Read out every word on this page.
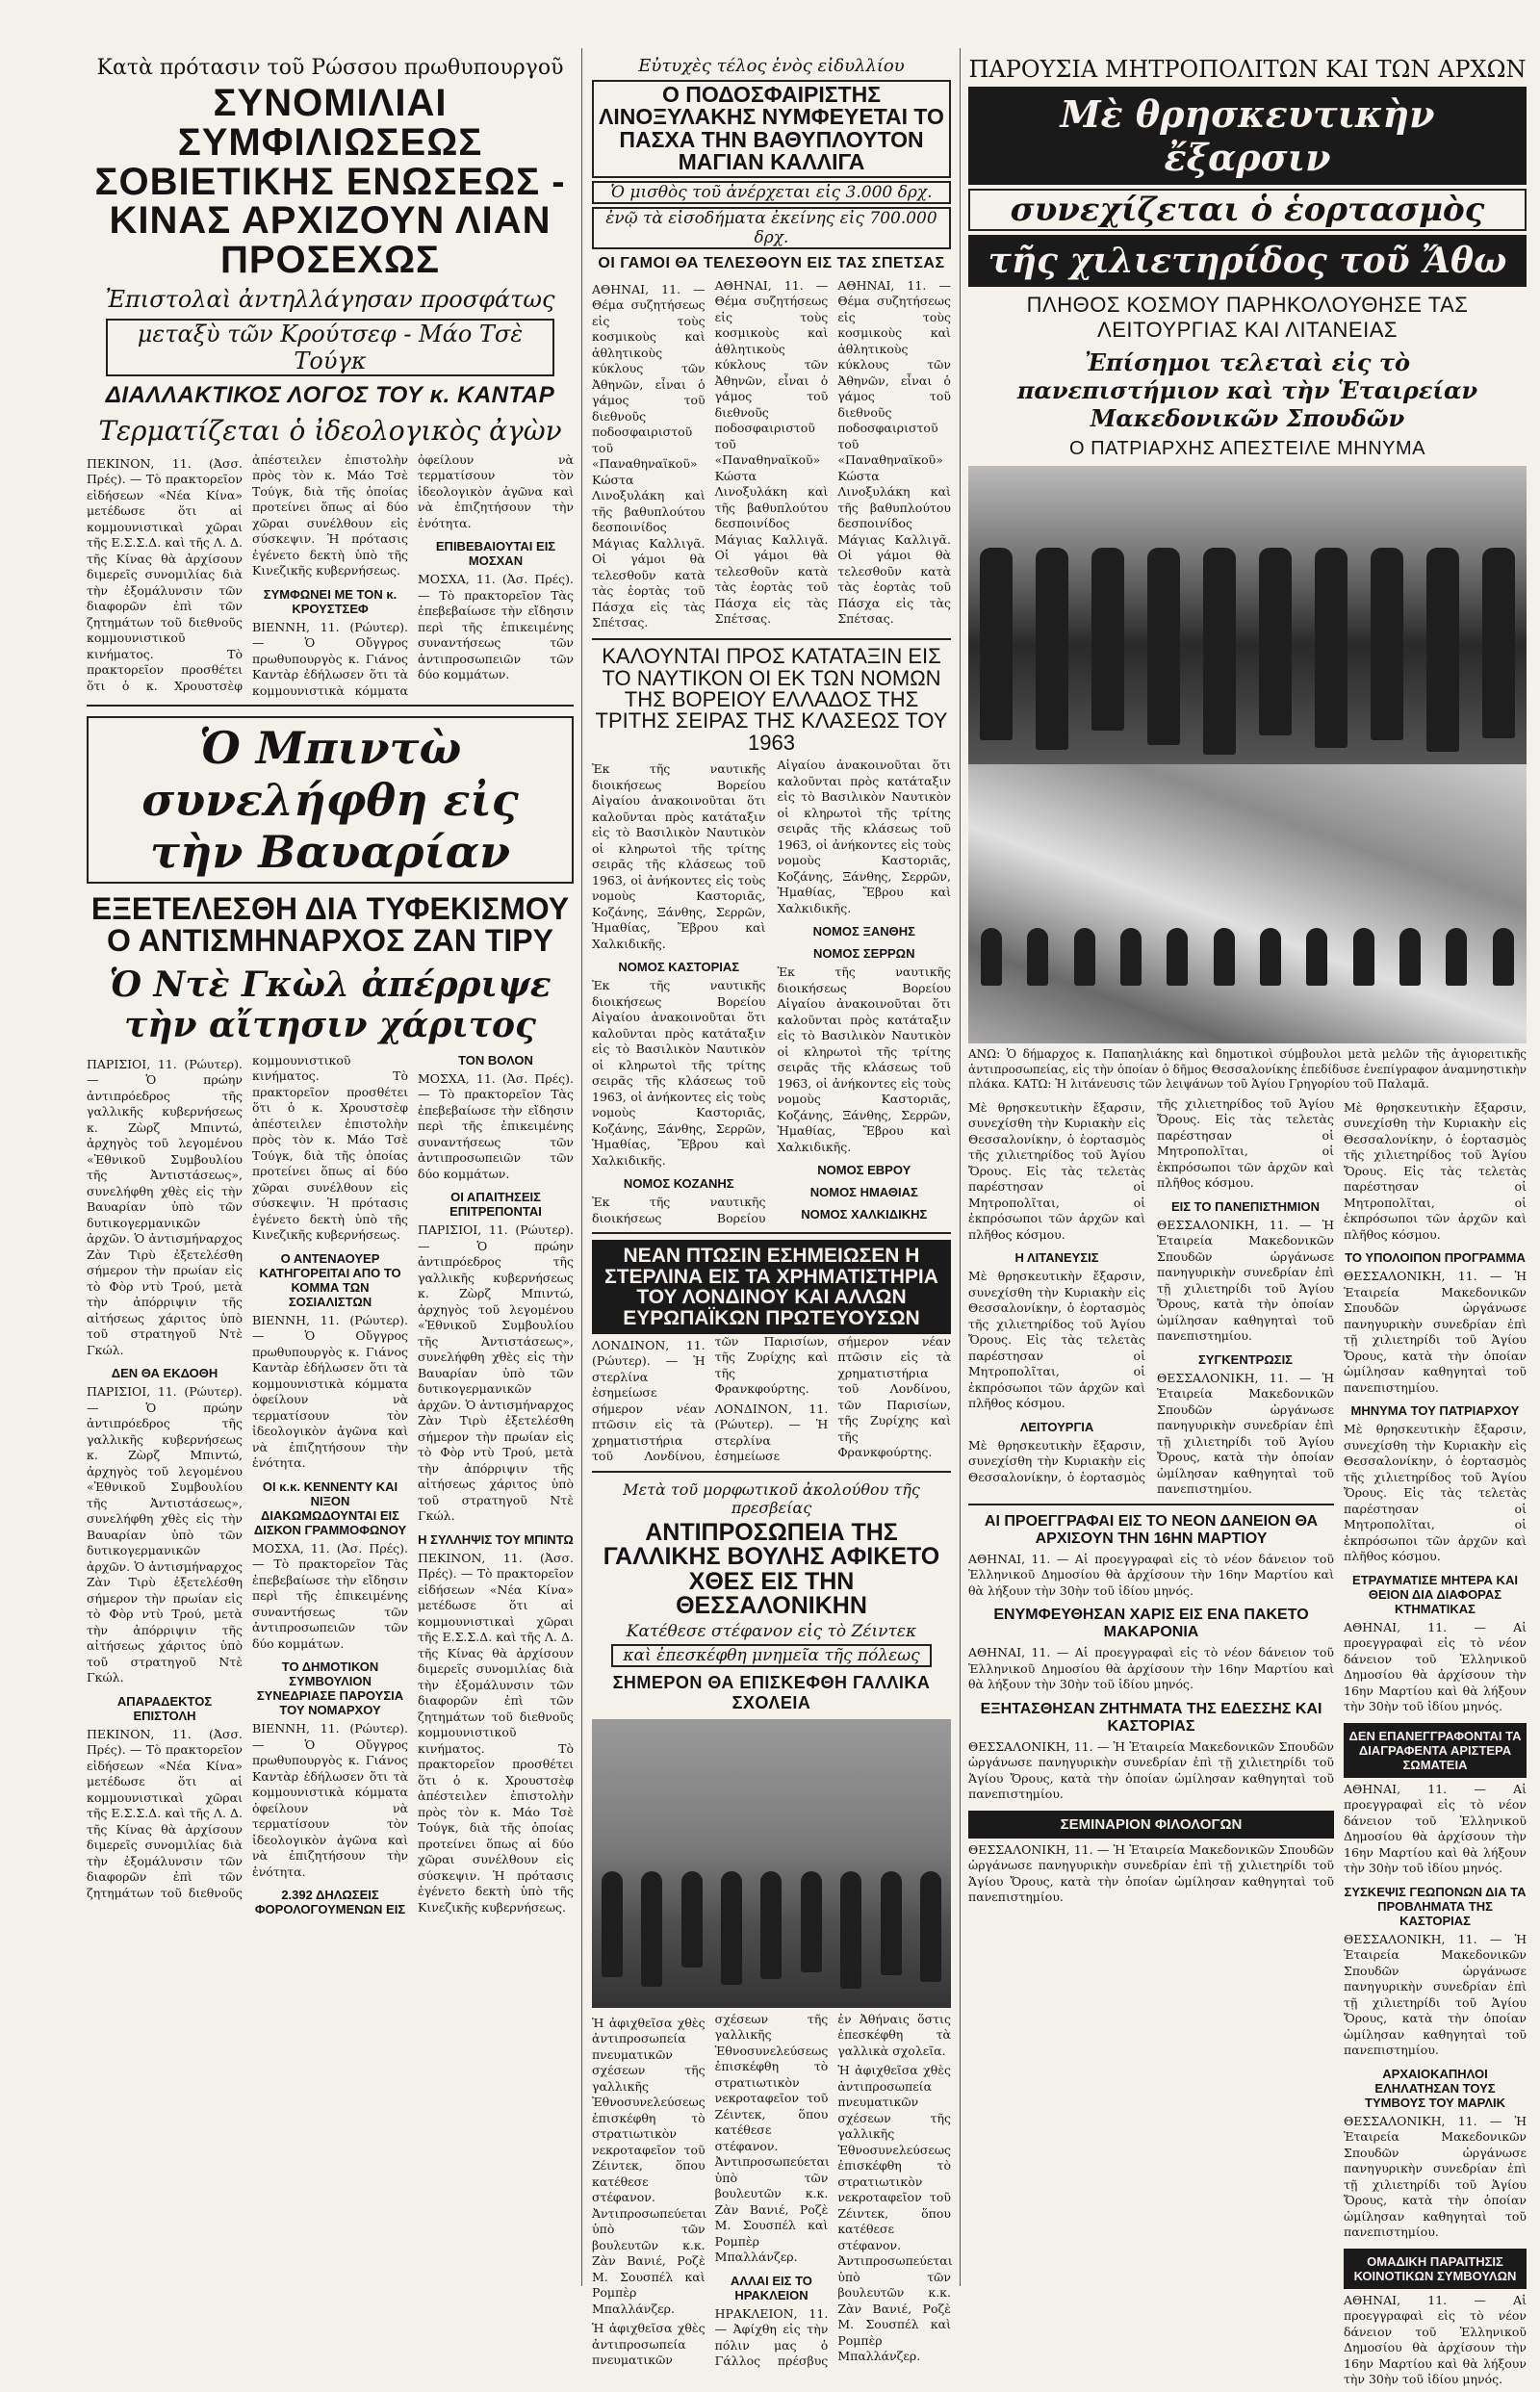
Κατὰ πρότασιν τοῦ Ρώσσου πρωθυπουργοῦ
ΣΥΝΟΜΙΛΙΑΙ ΣΥΜΦΙΛΙΩΣΕΩΣ ΣΟΒΙΕΤΙΚΗΣ ΕΝΩΣΕΩΣ - ΚΙΝΑΣ ΑΡΧΙΖΟΥΝ ΛΙΑΝ ΠΡΟΣΕΧΩΣ
Ἐπιστολαὶ ἀντηλλάγησαν προσφάτως
μεταξὺ τῶν Κρούτσεφ - Μάο Τσὲ Τούγκ
ΔΙΑΛΛΑΚΤΙΚΟΣ ΛΟΓΟΣ ΤΟΥ κ. ΚΑΝΤΑΡ
Τερματίζεται ὁ ἰδεολογικὸς ἀγὼν

ΠΕΚΙΝΟΝ, 11. (Ἀσσ. Πρές). — Τὸ πρακτορεῖον εἰδήσεων «Νέα Κίνα» μετέδωσε ὅτι αἱ κομμουνιστικαὶ χῶραι τῆς Ε.Σ.Σ.Δ. καὶ τῆς Λ. Δ. τῆς Κίνας θὰ ἀρχίσουν διμερεῖς συνομιλίας διὰ τὴν ἐξομάλυνσιν τῶν διαφορῶν ἐπὶ τῶν ζητημάτων τοῦ διεθνοῦς κομμουνιστικοῦ κινήματος. Τὸ πρακτορεῖον προσθέτει ὅτι ὁ κ. Χρουστσὲφ ἀπέστειλεν ἐπιστολὴν πρὸς τὸν κ. Μάο Τσὲ Τούγκ, διὰ τῆς ὁποίας προτείνει ὅπως αἱ δύο χῶραι συνέλθουν εἰς σύσκεψιν. Ἡ πρότασις ἐγένετο δεκτὴ ὑπὸ τῆς Κινεζικῆς κυβερνήσεως.

ΣΥΜΦΩΝΕΙ ΜΕ ΤΟΝ κ. ΚΡΟΥΣΤΣΕΦ

ΒΙΕΝΝΗ, 11. (Ρώυτερ). — Ὁ Οὔγγρος πρωθυπουργὸς κ. Γιάνος Καντὰρ ἐδήλωσεν ὅτι τὰ κομμουνιστικὰ κόμματα ὀφείλουν νὰ τερματίσουν τὸν ἰδεολογικὸν ἀγῶνα καὶ νὰ ἐπιζητήσουν τὴν ἑνότητα.

ΕΠΙΒΕΒΑΙΟΥΤΑΙ ΕΙΣ ΜΟΣΧΑΝ

ΜΟΣΧΑ, 11. (Ἀσ. Πρές). — Τὸ πρακτορεῖον Τὰς ἐπεβεβαίωσε τὴν εἴδησιν περὶ τῆς ἐπικειμένης συναντήσεως τῶν ἀντιπροσωπειῶν τῶν δύο κομμάτων.

Ὁ Μπιντὼ συνελήφθη εἰς τὴν Βαυαρίαν
ΕΞΕΤΕΛΕΣΘΗ ΔΙΑ ΤΥΦΕΚΙΣΜΟΥ Ο ΑΝΤΙΣΜΗΝΑΡΧΟΣ ΖΑΝ ΤΙΡΥ
Ὁ Ντὲ Γκὼλ ἀπέρριψε τὴν αἴτησιν χάριτος

ΠΑΡΙΣΙΟΙ, 11. (Ρώυτερ). — Ὁ πρώην ἀντιπρόεδρος τῆς γαλλικῆς κυβερνήσεως κ. Ζὼρζ Μπιντώ, ἀρχηγὸς τοῦ λεγομένου «Ἐθνικοῦ Συμβουλίου τῆς Ἀντιστάσεως», συνελήφθη χθὲς εἰς τὴν Βαυαρίαν ὑπὸ τῶν δυτικογερμανικῶν ἀρχῶν. Ὁ ἀντισμήναρχος Ζὰν Τιρὺ ἐξετελέσθη σήμερον τὴν πρωίαν εἰς τὸ Φὸρ ντὺ Τρού, μετὰ τὴν ἀπόρριψιν τῆς αἰτήσεως χάριτος ὑπὸ τοῦ στρατηγοῦ Ντὲ Γκώλ.

ΔΕΝ ΘΑ ΕΚΔΟΘΗ

ΠΑΡΙΣΙΟΙ, 11. (Ρώυτερ). — Ὁ πρώην ἀντιπρόεδρος τῆς γαλλικῆς κυβερνήσεως κ. Ζὼρζ Μπιντώ, ἀρχηγὸς τοῦ λεγομένου «Ἐθνικοῦ Συμβουλίου τῆς Ἀντιστάσεως», συνελήφθη χθὲς εἰς τὴν Βαυαρίαν ὑπὸ τῶν δυτικογερμανικῶν ἀρχῶν. Ὁ ἀντισμήναρχος Ζὰν Τιρὺ ἐξετελέσθη σήμερον τὴν πρωίαν εἰς τὸ Φὸρ ντὺ Τρού, μετὰ τὴν ἀπόρριψιν τῆς αἰτήσεως χάριτος ὑπὸ τοῦ στρατηγοῦ Ντὲ Γκώλ.

ΑΠΑΡΑΔΕΚΤΟΣ ΕΠΙΣΤΟΛΗ

ΠΕΚΙΝΟΝ, 11. (Ἀσσ. Πρές). — Τὸ πρακτορεῖον εἰδήσεων «Νέα Κίνα» μετέδωσε ὅτι αἱ κομμουνιστικαὶ χῶραι τῆς Ε.Σ.Σ.Δ. καὶ τῆς Λ. Δ. τῆς Κίνας θὰ ἀρχίσουν διμερεῖς συνομιλίας διὰ τὴν ἐξομάλυνσιν τῶν διαφορῶν ἐπὶ τῶν ζητημάτων τοῦ διεθνοῦς κομμουνιστικοῦ κινήματος. Τὸ πρακτορεῖον προσθέτει ὅτι ὁ κ. Χρουστσὲφ ἀπέστειλεν ἐπιστολὴν πρὸς τὸν κ. Μάο Τσὲ Τούγκ, διὰ τῆς ὁποίας προτείνει ὅπως αἱ δύο χῶραι συνέλθουν εἰς σύσκεψιν. Ἡ πρότασις ἐγένετο δεκτὴ ὑπὸ τῆς Κινεζικῆς κυβερνήσεως.

Ο ΑΝΤΕΝΑΟΥΕΡ ΚΑΤΗΓΟΡΕΙΤΑΙ ΑΠΟ ΤΟ ΚΟΜΜΑ ΤΩΝ ΣΟΣΙΑΛΙΣΤΩΝ

ΒΙΕΝΝΗ, 11. (Ρώυτερ). — Ὁ Οὔγγρος πρωθυπουργὸς κ. Γιάνος Καντὰρ ἐδήλωσεν ὅτι τὰ κομμουνιστικὰ κόμματα ὀφείλουν νὰ τερματίσουν τὸν ἰδεολογικὸν ἀγῶνα καὶ νὰ ἐπιζητήσουν τὴν ἑνότητα.

ΟΙ κ.κ. ΚΕΝΝΕΝΤΥ ΚΑΙ ΝΙΞΟΝ ΔΙΑΚΩΜΩΔΟΥΝΤΑΙ ΕΙΣ ΔΙΣΚΟΝ ΓΡΑΜΜΟΦΩΝΟΥ

ΜΟΣΧΑ, 11. (Ἀσ. Πρές). — Τὸ πρακτορεῖον Τὰς ἐπεβεβαίωσε τὴν εἴδησιν περὶ τῆς ἐπικειμένης συναντήσεως τῶν ἀντιπροσωπειῶν τῶν δύο κομμάτων.

ΤΟ ΔΗΜΟΤΙΚΟΝ ΣΥΜΒΟΥΛΙΟΝ ΣΥΝΕΔΡΙΑΣΕ ΠΑΡΟΥΣΙΑ ΤΟΥ ΝΟΜΑΡΧΟΥ

ΒΙΕΝΝΗ, 11. (Ρώυτερ). — Ὁ Οὔγγρος πρωθυπουργὸς κ. Γιάνος Καντὰρ ἐδήλωσεν ὅτι τὰ κομμουνιστικὰ κόμματα ὀφείλουν νὰ τερματίσουν τὸν ἰδεολογικὸν ἀγῶνα καὶ νὰ ἐπιζητήσουν τὴν ἑνότητα.

2.392 ΔΗΛΩΣΕΙΣ ΦΟΡΟΛΟΓΟΥΜΕΝΩΝ ΕΙΣ ΤΟΝ ΒΟΛΟΝ

ΜΟΣΧΑ, 11. (Ἀσ. Πρές). — Τὸ πρακτορεῖον Τὰς ἐπεβεβαίωσε τὴν εἴδησιν περὶ τῆς ἐπικειμένης συναντήσεως τῶν ἀντιπροσωπειῶν τῶν δύο κομμάτων.

ΟΙ ΑΠΑΙΤΗΣΕΙΣ ΕΠΙΤΡΕΠΟΝΤΑΙ

ΠΑΡΙΣΙΟΙ, 11. (Ρώυτερ). — Ὁ πρώην ἀντιπρόεδρος τῆς γαλλικῆς κυβερνήσεως κ. Ζὼρζ Μπιντώ, ἀρχηγὸς τοῦ λεγομένου «Ἐθνικοῦ Συμβουλίου τῆς Ἀντιστάσεως», συνελήφθη χθὲς εἰς τὴν Βαυαρίαν ὑπὸ τῶν δυτικογερμανικῶν ἀρχῶν. Ὁ ἀντισμήναρχος Ζὰν Τιρὺ ἐξετελέσθη σήμερον τὴν πρωίαν εἰς τὸ Φὸρ ντὺ Τρού, μετὰ τὴν ἀπόρριψιν τῆς αἰτήσεως χάριτος ὑπὸ τοῦ στρατηγοῦ Ντὲ Γκώλ.

Η ΣΥΛΛΗΨΙΣ ΤΟΥ ΜΠΙΝΤΩ

ΠΕΚΙΝΟΝ, 11. (Ἀσσ. Πρές). — Τὸ πρακτορεῖον εἰδήσεων «Νέα Κίνα» μετέδωσε ὅτι αἱ κομμουνιστικαὶ χῶραι τῆς Ε.Σ.Σ.Δ. καὶ τῆς Λ. Δ. τῆς Κίνας θὰ ἀρχίσουν διμερεῖς συνομιλίας διὰ τὴν ἐξομάλυνσιν τῶν διαφορῶν ἐπὶ τῶν ζητημάτων τοῦ διεθνοῦς κομμουνιστικοῦ κινήματος. Τὸ πρακτορεῖον προσθέτει ὅτι ὁ κ. Χρουστσὲφ ἀπέστειλεν ἐπιστολὴν πρὸς τὸν κ. Μάο Τσὲ Τούγκ, διὰ τῆς ὁποίας προτείνει ὅπως αἱ δύο χῶραι συνέλθουν εἰς σύσκεψιν. Ἡ πρότασις ἐγένετο δεκτὴ ὑπὸ τῆς Κινεζικῆς κυβερνήσεως.

Εὐτυχὲς τέλος ἑνὸς εἰδυλλίου
Ο ΠΟΔΟΣΦΑΙΡΙΣΤΗΣ ΛΙΝΟΞΥΛΑΚΗΣ ΝΥΜΦΕΥΕΤΑΙ ΤΟ ΠΑΣΧΑ ΤΗΝ ΒΑΘΥΠΛΟΥΤΟΝ ΜΑΓΙΑΝ ΚΑΛΛΙΓΑ
Ὁ μισθὸς τοῦ ἀνέρχεται εἰς 3.000 δρχ.
ἐνῷ τὰ εἰσοδήματα ἐκείνης εἰς 700.000 δρχ.
ΟΙ ΓΑΜΟΙ ΘΑ ΤΕΛΕΣΘΟΥΝ ΕΙΣ ΤΑΣ ΣΠΕΤΣΑΣ

ΑΘΗΝΑΙ, 11. — Θέμα συζητήσεως εἰς τοὺς κοσμικοὺς καὶ ἀθλητικοὺς κύκλους τῶν Ἀθηνῶν, εἶναι ὁ γάμος τοῦ διεθνοῦς ποδοσφαιριστοῦ τοῦ «Παναθηναϊκοῦ» Κώστα Λινοξυλάκη καὶ τῆς βαθυπλούτου δεσποινίδος Μάγιας Καλλιγᾶ. Οἱ γάμοι θὰ τελεσθοῦν κατὰ τὰς ἑορτὰς τοῦ Πάσχα εἰς τὰς Σπέτσας.

ΑΘΗΝΑΙ, 11. — Θέμα συζητήσεως εἰς τοὺς κοσμικοὺς καὶ ἀθλητικοὺς κύκλους τῶν Ἀθηνῶν, εἶναι ὁ γάμος τοῦ διεθνοῦς ποδοσφαιριστοῦ τοῦ «Παναθηναϊκοῦ» Κώστα Λινοξυλάκη καὶ τῆς βαθυπλούτου δεσποινίδος Μάγιας Καλλιγᾶ. Οἱ γάμοι θὰ τελεσθοῦν κατὰ τὰς ἑορτὰς τοῦ Πάσχα εἰς τὰς Σπέτσας.

ΑΘΗΝΑΙ, 11. — Θέμα συζητήσεως εἰς τοὺς κοσμικοὺς καὶ ἀθλητικοὺς κύκλους τῶν Ἀθηνῶν, εἶναι ὁ γάμος τοῦ διεθνοῦς ποδοσφαιριστοῦ τοῦ «Παναθηναϊκοῦ» Κώστα Λινοξυλάκη καὶ τῆς βαθυπλούτου δεσποινίδος Μάγιας Καλλιγᾶ. Οἱ γάμοι θὰ τελεσθοῦν κατὰ τὰς ἑορτὰς τοῦ Πάσχα εἰς τὰς Σπέτσας.

ΚΑΛΟΥΝΤΑΙ ΠΡΟΣ ΚΑΤΑΤΑΞΙΝ ΕΙΣ ΤΟ ΝΑΥΤΙΚΟΝ ΟΙ ΕΚ ΤΩΝ ΝΟΜΩΝ ΤΗΣ ΒΟΡΕΙΟΥ ΕΛΛΑΔΟΣ ΤΗΣ ΤΡΙΤΗΣ ΣΕΙΡΑΣ ΤΗΣ ΚΛΑΣΕΩΣ ΤΟΥ 1963

Ἐκ τῆς ναυτικῆς διοικήσεως Βορείου Αἰγαίου ἀνακοινοῦται ὅτι καλοῦνται πρὸς κατάταξιν εἰς τὸ Βασιλικὸν Ναυτικὸν οἱ κληρωτοὶ τῆς τρίτης σειρᾶς τῆς κλάσεως τοῦ 1963, οἱ ἀνήκοντες εἰς τοὺς νομοὺς Καστοριᾶς, Κοζάνης, Ξάνθης, Σερρῶν, Ἡμαθίας, Ἔβρου καὶ Χαλκιδικῆς.

ΝΟΜΟΣ ΚΑΣΤΟΡΙΑΣ

Ἐκ τῆς ναυτικῆς διοικήσεως Βορείου Αἰγαίου ἀνακοινοῦται ὅτι καλοῦνται πρὸς κατάταξιν εἰς τὸ Βασιλικὸν Ναυτικὸν οἱ κληρωτοὶ τῆς τρίτης σειρᾶς τῆς κλάσεως τοῦ 1963, οἱ ἀνήκοντες εἰς τοὺς νομοὺς Καστοριᾶς, Κοζάνης, Ξάνθης, Σερρῶν, Ἡμαθίας, Ἔβρου καὶ Χαλκιδικῆς.

ΝΟΜΟΣ ΚΟΖΑΝΗΣ

Ἐκ τῆς ναυτικῆς διοικήσεως Βορείου Αἰγαίου ἀνακοινοῦται ὅτι καλοῦνται πρὸς κατάταξιν εἰς τὸ Βασιλικὸν Ναυτικὸν οἱ κληρωτοὶ τῆς τρίτης σειρᾶς τῆς κλάσεως τοῦ 1963, οἱ ἀνήκοντες εἰς τοὺς νομοὺς Καστοριᾶς, Κοζάνης, Ξάνθης, Σερρῶν, Ἡμαθίας, Ἔβρου καὶ Χαλκιδικῆς.

ΝΟΜΟΣ ΞΑΝΘΗΣ
ΝΟΜΟΣ ΣΕΡΡΩΝ

Ἐκ τῆς ναυτικῆς διοικήσεως Βορείου Αἰγαίου ἀνακοινοῦται ὅτι καλοῦνται πρὸς κατάταξιν εἰς τὸ Βασιλικὸν Ναυτικὸν οἱ κληρωτοὶ τῆς τρίτης σειρᾶς τῆς κλάσεως τοῦ 1963, οἱ ἀνήκοντες εἰς τοὺς νομοὺς Καστοριᾶς, Κοζάνης, Ξάνθης, Σερρῶν, Ἡμαθίας, Ἔβρου καὶ Χαλκιδικῆς.

ΝΟΜΟΣ ΕΒΡΟΥ
ΝΟΜΟΣ ΗΜΑΘΙΑΣ
ΝΟΜΟΣ ΧΑΛΚΙΔΙΚΗΣ
ΝΕΑΝ ΠΤΩΣΙΝ ΕΣΗΜΕΙΩΣΕΝ Η ΣΤΕΡΛΙΝΑ ΕΙΣ ΤΑ ΧΡΗΜΑΤΙΣΤΗΡΙΑ ΤΟΥ ΛΟΝΔΙΝΟΥ ΚΑΙ ΑΛΛΩΝ ΕΥΡΩΠΑΪΚΩΝ ΠΡΩΤΕΥΟΥΣΩΝ

ΛΟΝΔΙΝΟΝ, 11. (Ρώυτερ). — Ἡ στερλίνα ἐσημείωσε σήμερον νέαν πτῶσιν εἰς τὰ χρηματιστήρια τοῦ Λονδίνου, τῶν Παρισίων, τῆς Ζυρίχης καὶ τῆς Φρανκφούρτης.

ΛΟΝΔΙΝΟΝ, 11. (Ρώυτερ). — Ἡ στερλίνα ἐσημείωσε σήμερον νέαν πτῶσιν εἰς τὰ χρηματιστήρια τοῦ Λονδίνου, τῶν Παρισίων, τῆς Ζυρίχης καὶ τῆς Φρανκφούρτης.

Μετὰ τοῦ μορφωτικοῦ ἀκολούθου τῆς πρεσβείας
ΑΝΤΙΠΡΟΣΩΠΕΙΑ ΤΗΣ ΓΑΛΛΙΚΗΣ ΒΟΥΛΗΣ ΑΦΙΚΕΤΟ ΧΘΕΣ ΕΙΣ ΤΗΝ ΘΕΣΣΑΛΟΝΙΚΗΝ
Κατέθεσε στέφανον εἰς τὸ Ζέιντεκ
καὶ ἐπεσκέφθη μνημεῖα τῆς πόλεως
ΣΗΜΕΡΟΝ ΘΑ ΕΠΙΣΚΕΦΘΗ ΓΑΛΛΙΚΑ ΣΧΟΛΕΙΑ

Ἡ ἀφιχθεῖσα χθὲς ἀντιπροσωπεία πνευματικῶν σχέσεων τῆς γαλλικῆς Ἐθνοσυνελεύσεως ἐπισκέφθη τὸ στρατιωτικὸν νεκροταφεῖον τοῦ Ζέιντεκ, ὅπου κατέθεσε στέφανον. Ἀντιπροσωπεύεται ὑπὸ τῶν βουλευτῶν κ.κ. Ζὰν Βανιέ, Ροζὲ Μ. Σουσπέλ καὶ Ρομπὲρ Μπαλλάνζερ.

Ἡ ἀφιχθεῖσα χθὲς ἀντιπροσωπεία πνευματικῶν σχέσεων τῆς γαλλικῆς Ἐθνοσυνελεύσεως ἐπισκέφθη τὸ στρατιωτικὸν νεκροταφεῖον τοῦ Ζέιντεκ, ὅπου κατέθεσε στέφανον. Ἀντιπροσωπεύεται ὑπὸ τῶν βουλευτῶν κ.κ. Ζὰν Βανιέ, Ροζὲ Μ. Σουσπέλ καὶ Ρομπὲρ Μπαλλάνζερ.

ΑΛΛΑΙ ΕΙΣ ΤΟ ΗΡΑΚΛΕΙΟΝ

ΗΡΑΚΛΕΙΟΝ, 11. — Ἀφίχθη εἰς τὴν πόλιν μας ὁ Γάλλος πρέσβυς ἐν Ἀθήναις ὅστις ἐπεσκέφθη τὰ γαλλικὰ σχολεῖα.

Ἡ ἀφιχθεῖσα χθὲς ἀντιπροσωπεία πνευματικῶν σχέσεων τῆς γαλλικῆς Ἐθνοσυνελεύσεως ἐπισκέφθη τὸ στρατιωτικὸν νεκροταφεῖον τοῦ Ζέιντεκ, ὅπου κατέθεσε στέφανον. Ἀντιπροσωπεύεται ὑπὸ τῶν βουλευτῶν κ.κ. Ζὰν Βανιέ, Ροζὲ Μ. Σουσπέλ καὶ Ρομπὲρ Μπαλλάνζερ.

ΠΑΡΟΥΣΙΑ ΜΗΤΡΟΠΟΛΙΤΩΝ ΚΑΙ ΤΩΝ ΑΡΧΩΝ
Μὲ θρησκευτικὴν ἔξαρσιν
συνεχίζεται ὁ ἑορτασμὸς
τῆς χιλιετηρίδος τοῦ Ἄθω
ΠΛΗΘΟΣ ΚΟΣΜΟΥ ΠΑΡΗΚΟΛΟΥΘΗΣΕ ΤΑΣ ΛΕΙΤΟΥΡΓΙΑΣ ΚΑΙ ΛΙΤΑΝΕΙΑΣ
Ἐπίσημοι τελεταὶ εἰς τὸ πανεπιστήμιον καὶ τὴν Ἑταιρείαν Μακεδονικῶν Σπουδῶν
Ο ΠΑΤΡΙΑΡΧΗΣ ΑΠΕΣΤΕΙΛΕ ΜΗΝΥΜΑ
ΑΝΩ: Ὁ δήμαρχος κ. Παπαηλιάκης καὶ δημοτικοὶ σύμβουλοι μετὰ μελῶν τῆς ἀγιορειτικῆς ἀντιπροσωπείας, εἰς τὴν ὁποίαν ὁ δῆμος Θεσσαλονίκης ἐπεδίδυσε ἐνεπίγραφον ἀναμνηστικὴν πλάκα. ΚΑΤΩ: Ἡ λιτάνευσις τῶν λειψάνων τοῦ Ἁγίου Γρηγορίου τοῦ Παλαμᾶ.

Μὲ θρησκευτικὴν ἔξαρσιν, συνεχίσθη τὴν Κυριακὴν εἰς Θεσσαλονίκην, ὁ ἑορτασμὸς τῆς χιλιετηρίδος τοῦ Ἁγίου Ὄρους. Εἰς τὰς τελετὰς παρέστησαν οἱ Μητροπολῖται, οἱ ἐκπρόσωποι τῶν ἀρχῶν καὶ πλῆθος κόσμου.

Η ΛΙΤΑΝΕΥΣΙΣ

Μὲ θρησκευτικὴν ἔξαρσιν, συνεχίσθη τὴν Κυριακὴν εἰς Θεσσαλονίκην, ὁ ἑορτασμὸς τῆς χιλιετηρίδος τοῦ Ἁγίου Ὄρους. Εἰς τὰς τελετὰς παρέστησαν οἱ Μητροπολῖται, οἱ ἐκπρόσωποι τῶν ἀρχῶν καὶ πλῆθος κόσμου.

ΛΕΙΤΟΥΡΓΙΑ

Μὲ θρησκευτικὴν ἔξαρσιν, συνεχίσθη τὴν Κυριακὴν εἰς Θεσσαλονίκην, ὁ ἑορτασμὸς τῆς χιλιετηρίδος τοῦ Ἁγίου Ὄρους. Εἰς τὰς τελετὰς παρέστησαν οἱ Μητροπολῖται, οἱ ἐκπρόσωποι τῶν ἀρχῶν καὶ πλῆθος κόσμου.

ΕΙΣ ΤΟ ΠΑΝΕΠΙΣΤΗΜΙΟΝ

ΘΕΣΣΑΛΟΝΙΚΗ, 11. — Ἡ Ἑταιρεία Μακεδονικῶν Σπουδῶν ὠργάνωσε πανηγυρικὴν συνεδρίαν ἐπὶ τῇ χιλιετηρίδι τοῦ Ἁγίου Ὄρους, κατὰ τὴν ὁποίαν ὡμίλησαν καθηγηταὶ τοῦ πανεπιστημίου.

ΣΥΓΚΕΝΤΡΩΣΙΣ

ΘΕΣΣΑΛΟΝΙΚΗ, 11. — Ἡ Ἑταιρεία Μακεδονικῶν Σπουδῶν ὠργάνωσε πανηγυρικὴν συνεδρίαν ἐπὶ τῇ χιλιετηρίδι τοῦ Ἁγίου Ὄρους, κατὰ τὴν ὁποίαν ὡμίλησαν καθηγηταὶ τοῦ πανεπιστημίου.

ΑΙ ΠΡΟΕΓΓΡΑΦΑΙ ΕΙΣ ΤΟ ΝΕΟΝ ΔΑΝΕΙΟΝ ΘΑ ΑΡΧΙΣΟΥΝ ΤΗΝ 16ΗΝ ΜΑΡΤΙΟΥ

ΑΘΗΝΑΙ, 11. — Αἱ προεγγραφαὶ εἰς τὸ νέον δάνειον τοῦ Ἑλληνικοῦ Δημοσίου θὰ ἀρχίσουν τὴν 16ην Μαρτίου καὶ θὰ λήξουν τὴν 30ὴν τοῦ ἰδίου μηνός.

ΕΝΥΜΦΕΥΘΗΣΑΝ ΧΑΡΙΣ ΕΙΣ ΕΝΑ ΠΑΚΕΤΟ ΜΑΚΑΡΟΝΙΑ

ΑΘΗΝΑΙ, 11. — Αἱ προεγγραφαὶ εἰς τὸ νέον δάνειον τοῦ Ἑλληνικοῦ Δημοσίου θὰ ἀρχίσουν τὴν 16ην Μαρτίου καὶ θὰ λήξουν τὴν 30ὴν τοῦ ἰδίου μηνός.

ΕΞΗΤΑΣΘΗΣΑΝ ΖΗΤΗΜΑΤΑ ΤΗΣ ΕΔΕΣΣΗΣ ΚΑΙ ΚΑΣΤΟΡΙΑΣ

ΘΕΣΣΑΛΟΝΙΚΗ, 11. — Ἡ Ἑταιρεία Μακεδονικῶν Σπουδῶν ὠργάνωσε πανηγυρικὴν συνεδρίαν ἐπὶ τῇ χιλιετηρίδι τοῦ Ἁγίου Ὄρους, κατὰ τὴν ὁποίαν ὡμίλησαν καθηγηταὶ τοῦ πανεπιστημίου.

ΣΕΜΙΝΑΡΙΟΝ ΦΙΛΟΛΟΓΩΝ

ΘΕΣΣΑΛΟΝΙΚΗ, 11. — Ἡ Ἑταιρεία Μακεδονικῶν Σπουδῶν ὠργάνωσε πανηγυρικὴν συνεδρίαν ἐπὶ τῇ χιλιετηρίδι τοῦ Ἁγίου Ὄρους, κατὰ τὴν ὁποίαν ὡμίλησαν καθηγηταὶ τοῦ πανεπιστημίου.

Μὲ θρησκευτικὴν ἔξαρσιν, συνεχίσθη τὴν Κυριακὴν εἰς Θεσσαλονίκην, ὁ ἑορτασμὸς τῆς χιλιετηρίδος τοῦ Ἁγίου Ὄρους. Εἰς τὰς τελετὰς παρέστησαν οἱ Μητροπολῖται, οἱ ἐκπρόσωποι τῶν ἀρχῶν καὶ πλῆθος κόσμου.

ΤΟ ΥΠΟΛΟΙΠΟΝ ΠΡΟΓΡΑΜΜΑ

ΘΕΣΣΑΛΟΝΙΚΗ, 11. — Ἡ Ἑταιρεία Μακεδονικῶν Σπουδῶν ὠργάνωσε πανηγυρικὴν συνεδρίαν ἐπὶ τῇ χιλιετηρίδι τοῦ Ἁγίου Ὄρους, κατὰ τὴν ὁποίαν ὡμίλησαν καθηγηταὶ τοῦ πανεπιστημίου.

ΜΗΝΥΜΑ ΤΟΥ ΠΑΤΡΙΑΡΧΟΥ

Μὲ θρησκευτικὴν ἔξαρσιν, συνεχίσθη τὴν Κυριακὴν εἰς Θεσσαλονίκην, ὁ ἑορτασμὸς τῆς χιλιετηρίδος τοῦ Ἁγίου Ὄρους. Εἰς τὰς τελετὰς παρέστησαν οἱ Μητροπολῖται, οἱ ἐκπρόσωποι τῶν ἀρχῶν καὶ πλῆθος κόσμου.

ΕΤΡΑΥΜΑΤΙΣΕ ΜΗΤΕΡΑ ΚΑΙ ΘΕΙΟΝ ΔΙΑ ΔΙΑΦΟΡΑΣ ΚΤΗΜΑΤΙΚΑΣ

ΑΘΗΝΑΙ, 11. — Αἱ προεγγραφαὶ εἰς τὸ νέον δάνειον τοῦ Ἑλληνικοῦ Δημοσίου θὰ ἀρχίσουν τὴν 16ην Μαρτίου καὶ θὰ λήξουν τὴν 30ὴν τοῦ ἰδίου μηνός.

ΔΕΝ ΕΠΑΝΕΓΓΡΑΦΟΝΤΑΙ ΤΑ ΔΙΑΓΡΑΦΕΝΤΑ ΑΡΙΣΤΕΡΑ ΣΩΜΑΤΕΙΑ

ΑΘΗΝΑΙ, 11. — Αἱ προεγγραφαὶ εἰς τὸ νέον δάνειον τοῦ Ἑλληνικοῦ Δημοσίου θὰ ἀρχίσουν τὴν 16ην Μαρτίου καὶ θὰ λήξουν τὴν 30ὴν τοῦ ἰδίου μηνός.

ΣΥΣΚΕΨΙΣ ΓΕΩΠΟΝΩΝ ΔΙΑ ΤΑ ΠΡΟΒΛΗΜΑΤΑ ΤΗΣ ΚΑΣΤΟΡΙΑΣ

ΘΕΣΣΑΛΟΝΙΚΗ, 11. — Ἡ Ἑταιρεία Μακεδονικῶν Σπουδῶν ὠργάνωσε πανηγυρικὴν συνεδρίαν ἐπὶ τῇ χιλιετηρίδι τοῦ Ἁγίου Ὄρους, κατὰ τὴν ὁποίαν ὡμίλησαν καθηγηταὶ τοῦ πανεπιστημίου.

ΑΡΧΑΙΟΚΑΠΗΛΟΙ ΕΛΗΛΑΤΗΣΑΝ ΤΟΥΣ ΤΥΜΒΟΥΣ ΤΟΥ ΜΑΡΛΙΚ

ΘΕΣΣΑΛΟΝΙΚΗ, 11. — Ἡ Ἑταιρεία Μακεδονικῶν Σπουδῶν ὠργάνωσε πανηγυρικὴν συνεδρίαν ἐπὶ τῇ χιλιετηρίδι τοῦ Ἁγίου Ὄρους, κατὰ τὴν ὁποίαν ὡμίλησαν καθηγηταὶ τοῦ πανεπιστημίου.

ΟΜΑΔΙΚΗ ΠΑΡΑΙΤΗΣΙΣ ΚΟΙΝΟΤΙΚΩΝ ΣΥΜΒΟΥΛΩΝ

ΑΘΗΝΑΙ, 11. — Αἱ προεγγραφαὶ εἰς τὸ νέον δάνειον τοῦ Ἑλληνικοῦ Δημοσίου θὰ ἀρχίσουν τὴν 16ην Μαρτίου καὶ θὰ λήξουν τὴν 30ὴν τοῦ ἰδίου μηνός.
